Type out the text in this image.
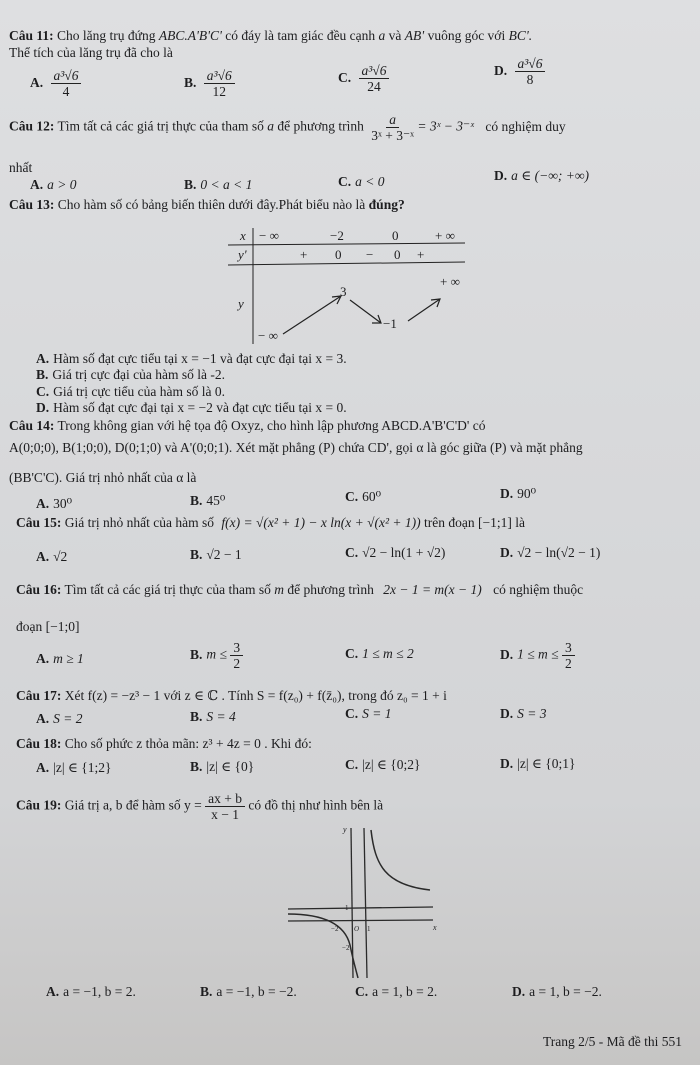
Câu 11: Cho lăng trụ đứng ABC.A'B'C' có đáy là tam giác đều cạnh a và AB' vuông góc với BC'.
Thể tích của lăng trụ đã cho là
A. $\frac{\text{a³√6}}{4}$	B. $\frac{\text{a³√6}}{12}$	C. $\frac{\text{a³√6}}{24}$	D. $\frac{\text{a³√6}}{8}$
Câu 12: Tìm tất cả các giá trị thực của tham số a để phương trình $\frac{a}{\text{3ˣ + 3⁻ˣ}}$ = 3ˣ − 3⁻ˣ có nghiệm duy
nhất
A. a > 0	B. 0 < a < 1	C. a < 0	D. a ∈ (−∞; +∞)
Câu 13: Cho hàm số có bảng biến thiên dưới đây.Phát biểu nào là đúng?
x − ∞	−2	0	+ ∞
y'	+ 0 − 0 +
y
− ∞
3
−1
+ ∞
A. Hàm số đạt cực tiểu tại x = −1 và đạt cực đại tại x = 3.
B. Giá trị cực đại của hàm số là -2.
C. Giá trị cực tiểu của hàm số là 0.
D. Hàm số đạt cực đại tại x = −2 và đạt cực tiểu tại x = 0.
Câu 14: Trong không gian với hệ tọa độ Oxyz, cho hình lập phương ABCD.A'B'C'D' có
A(0;0;0), B(1;0;0), D(0;1;0) và A'(0;0;1). Xét mặt phẳng (P) chứa CD', gọi α là góc giữa (P) và mặt phẳng
(BB'C'C). Giá trị nhỏ nhất của α là
A. 30⁰	B. 45⁰	C. 60⁰	D. 90⁰
Câu 15: Giá trị nhỏ nhất của hàm số f(x) = √(x² + 1) − x ln(x + √(x² + 1)) trên đoạn [−1;1] là
A. √2	B. √2 − 1	C. √2 − ln(1 + √2)	D. √2 − ln(√2 − 1)
Câu 16: Tìm tất cả các giá trị thực của tham số m để phương trình 2x − 1 = m(x − 1) có nghiệm thuộc
đoạn [−1;0]
A. m ≥ 1	B. $m \le \frac{3}{2}$	C. 1 ≤ m ≤ 2	D. $1 \le m \le \frac{3}{2}$
Câu 17: Xét f(z) = −z³ − 1 với z ∈ ℂ . Tính S = f(z₀) + f(z̄₀), trong đó z₀ = 1 + i
A. S = 2	B. S = 4	C. S = 1	D. S = 3
Câu 18: Cho số phức z thỏa mãn: z³ + 4z = 0 . Khi đó:
A. |z| ∈ {1;2}	B. |z| ∈ {0}	C. |z| ∈ {0;2}	D. |z| ∈ {0;1}
Câu 19: Giá trị a, b để hàm số $y = \frac{ax + b}{x - 1}$ có đồ thị như hình bên là
y
x
O
1
−2	1
−2
A. a = −1, b = 2.	B. a = −1, b = −2.	C. a = 1, b = 2.	D. a = 1, b = −2.
Trang 2/5 - Mã đề thi 551
